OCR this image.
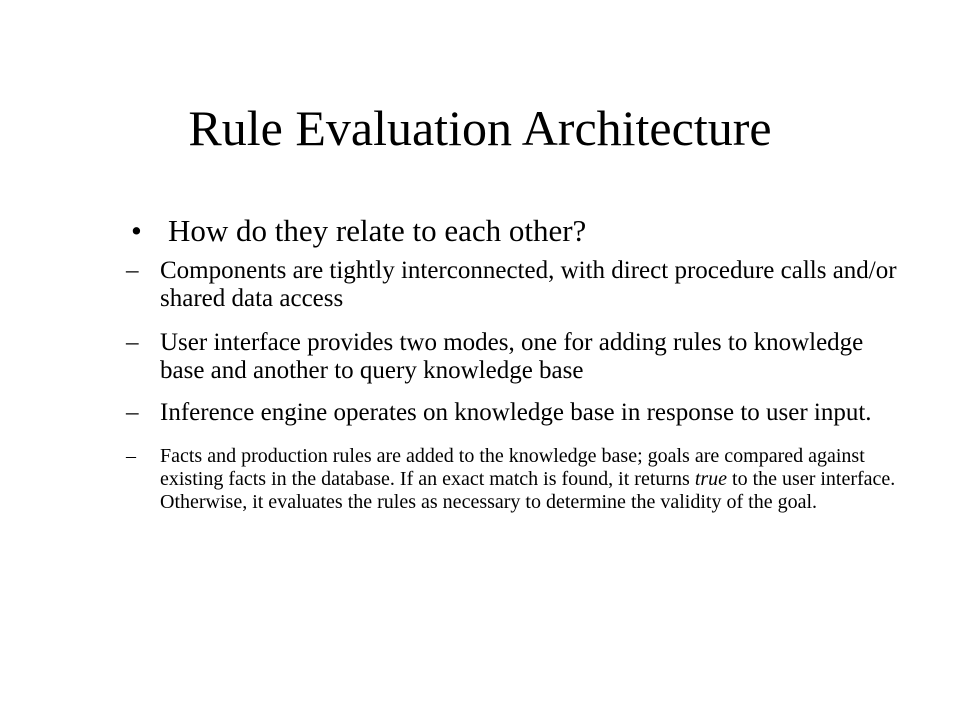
Rule Evaluation Architecture
• How do they relate to each other?
– Components are tightly interconnected, with direct procedure calls and/or shared data access
– User interface provides two modes, one for adding rules to knowledge base and another to query knowledge base
– Inference engine operates on knowledge base in response to user input.
– Facts and production rules are added to the knowledge base; goals are compared against existing facts in the database. If an exact match is found, it returns true to the user interface. Otherwise, it evaluates the rules as necessary to determine the validity of the goal.
